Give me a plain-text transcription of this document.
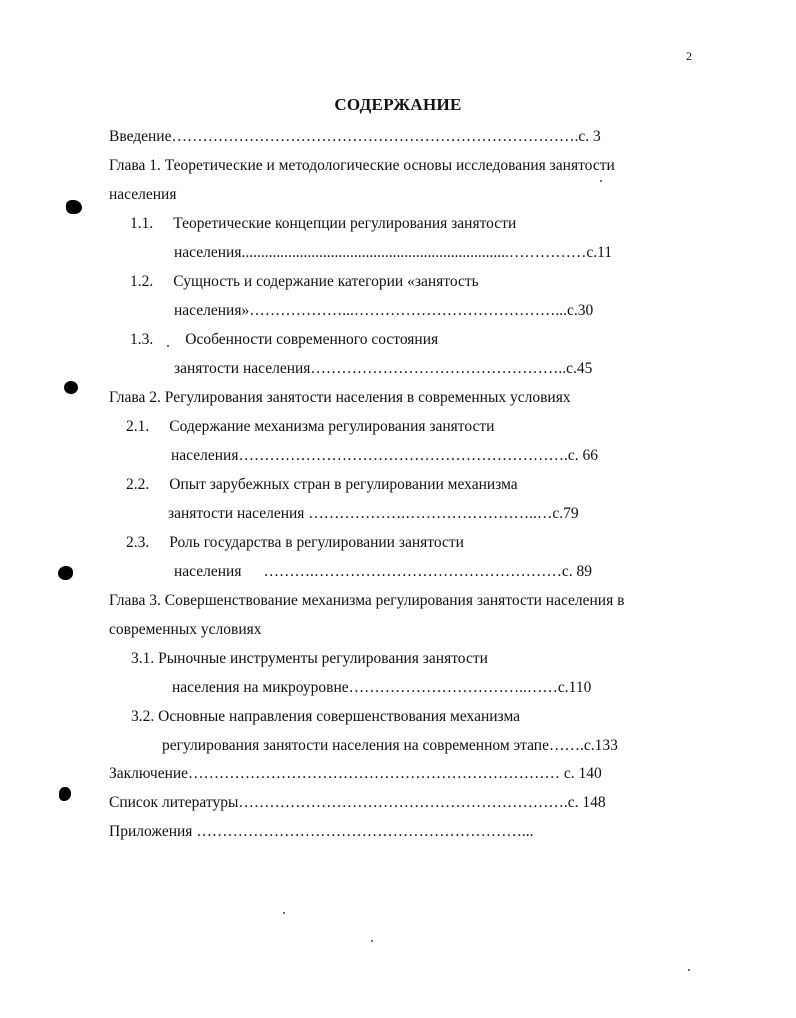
2
СОДЕРЖАНИЕ
Введение…………………………………………………………………….с. 3
Глава 1. Теоретические и методологические основы исследования занятости
населения
1.1. Теоретические концепции регулирования занятости
населения.....................................................................……………с.11
1.2. Сущность и содержание категории «занятость
населения»………………...…………………………………...с.30
1.3. Особенности современного состояния
занятости населения…………………………………………..с.45
Глава 2. Регулирования занятости населения в современных условиях
2.1. Содержание механизма регулирования занятости
населения……………………………………………………….с. 66
2.2. Опыт зарубежных стран в регулировании механизма
занятости населения ……………….……………………..…с.79
2.3. Роль государства в регулировании занятости
населения ……….…………………………………………с. 89
Глава 3. Совершенствование механизма регулирования занятости населения в
современных условиях
3.1. Рыночные инструменты регулирования занятости
населения на микроуровне……………………………..……с.110
3.2. Основные направления совершенствования механизма
регулирования занятости населения на современном этапе…….с.133
Заключение……………………………………………………………… с. 140
Список литературы……………………………………………………….с. 148
Приложения ………………………………………………………...
